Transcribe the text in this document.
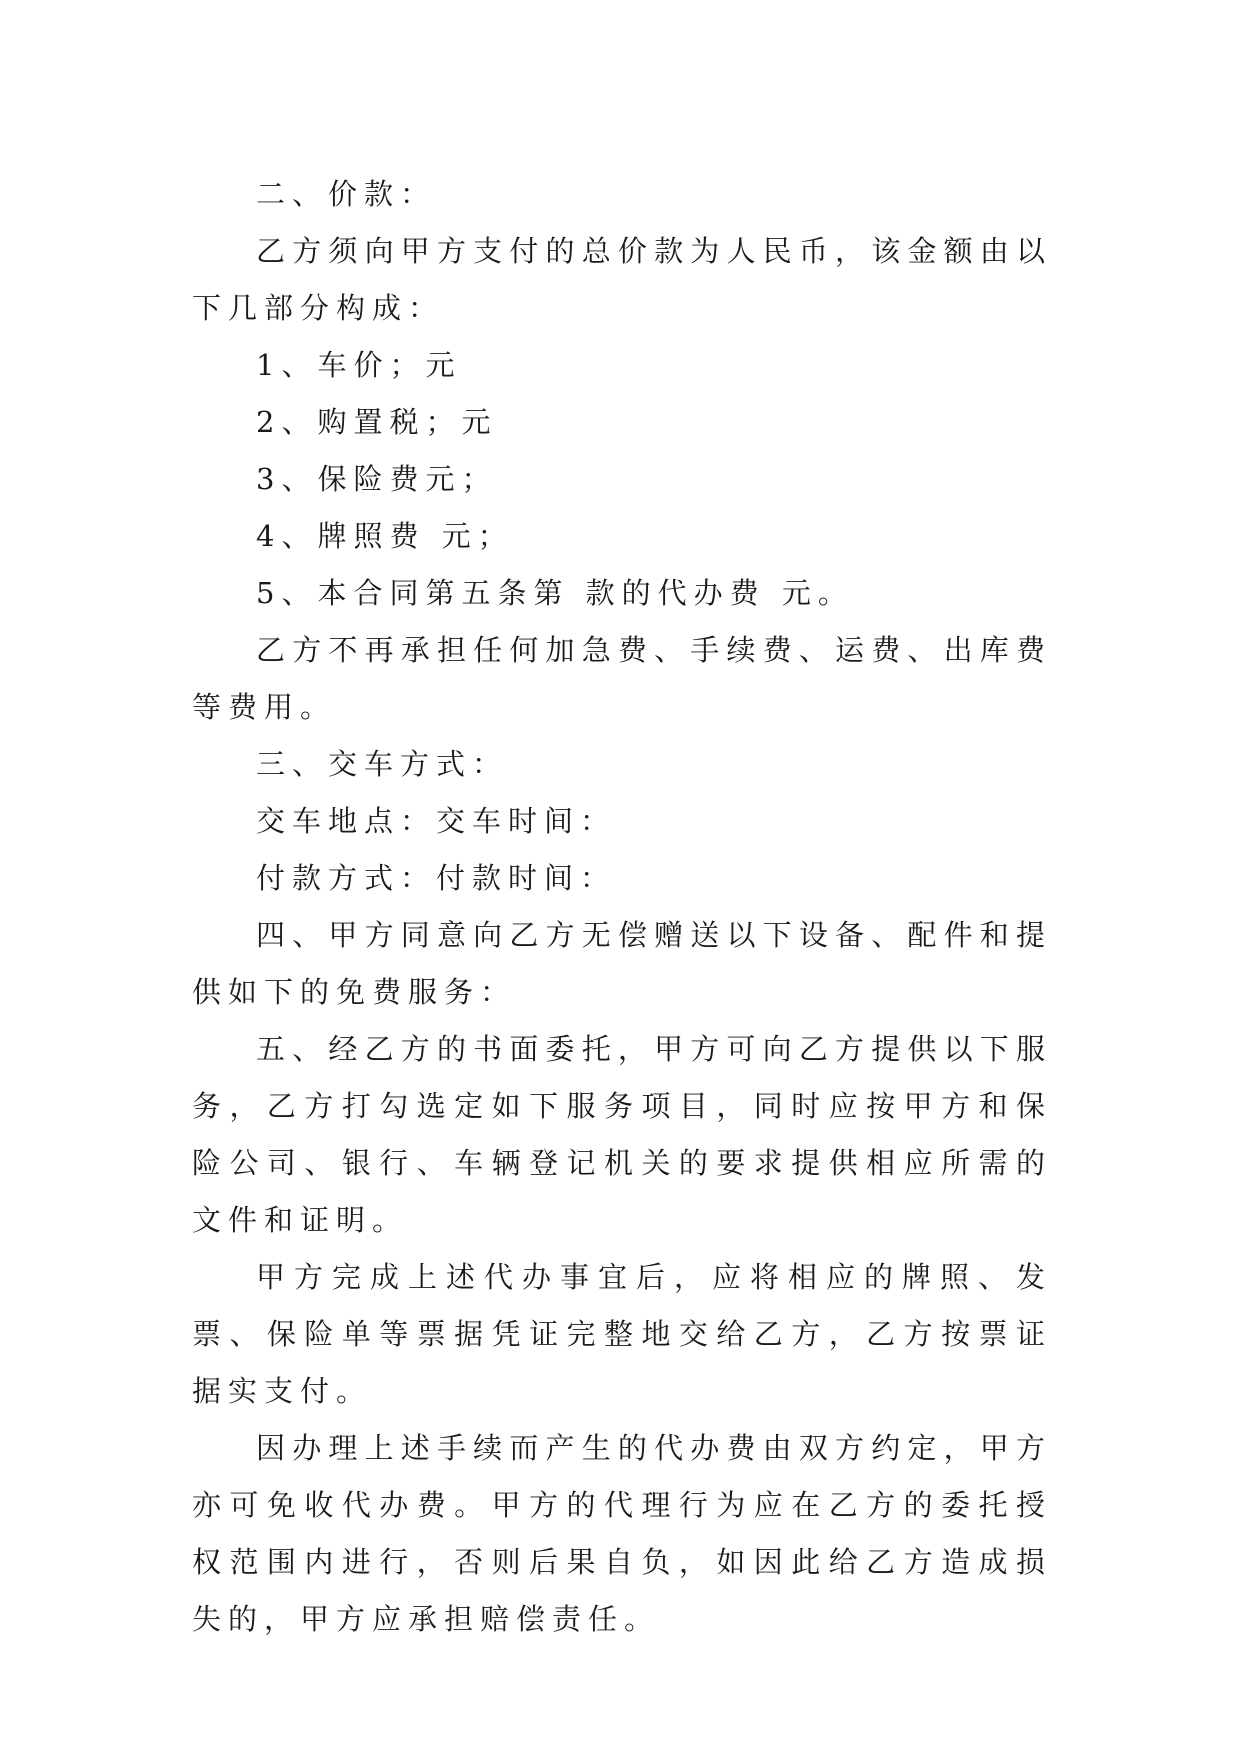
二、价款：

乙方须向甲方支付的总价款为人民币，该金额由以下几部分构成：

1、车价；元

2、购置税；元

3、保险费元；

4、牌照费 元；

5、本合同第五条第 款的代办费 元。

乙方不再承担任何加急费、手续费、运费、出库费等费用。

三、交车方式：

交车地点：交车时间：

付款方式：付款时间：

四、甲方同意向乙方无偿赠送以下设备、配件和提供如下的免费服务：

五、经乙方的书面委托，甲方可向乙方提供以下服务，乙方打勾选定如下服务项目，同时应按甲方和保险公司、银行、车辆登记机关的要求提供相应所需的文件和证明。

甲方完成上述代办事宜后，应将相应的牌照、发票、保险单等票据凭证完整地交给乙方，乙方按票证据实支付。

因办理上述手续而产生的代办费由双方约定，甲方亦可免收代办费。甲方的代理行为应在乙方的委托授权范围内进行，否则后果自负，如因此给乙方造成损失的，甲方应承担赔偿责任。
